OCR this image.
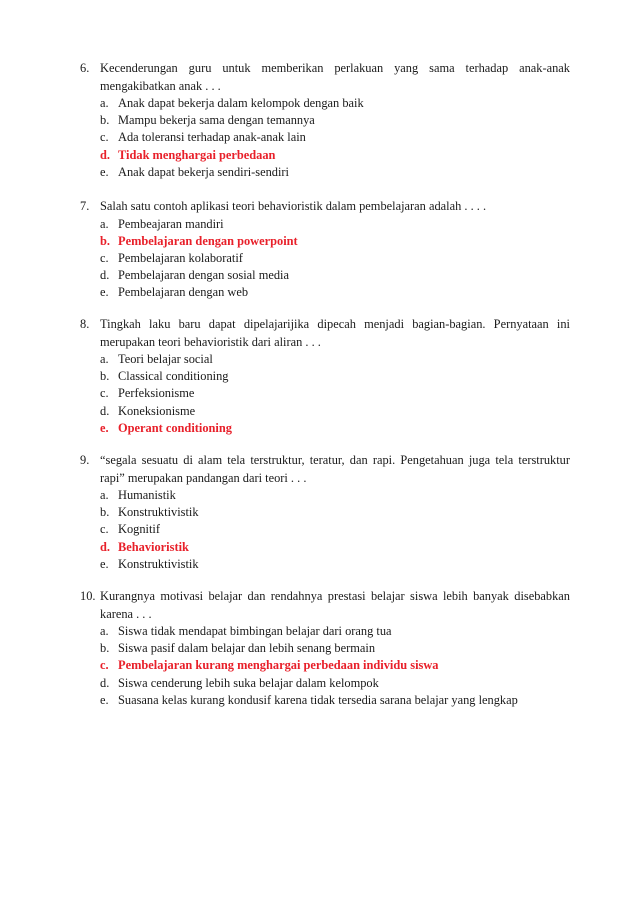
6. Kecenderungan guru untuk memberikan perlakuan yang sama terhadap anak-anak mengakibatkan anak . . .
a. Anak dapat bekerja dalam kelompok dengan baik
b. Mampu bekerja sama dengan temannya
c. Ada toleransi terhadap anak-anak lain
d. Tidak menghargai perbedaan
e. Anak dapat bekerja sendiri-sendiri
7. Salah satu contoh aplikasi teori behavioristik dalam pembelajaran adalah . . . .
a. Pembeajaran mandiri
b. Pembelajaran dengan powerpoint
c. Pembelajaran kolaboratif
d. Pembelajaran dengan sosial media
e. Pembelajaran dengan web
8. Tingkah laku baru dapat dipelajarijika dipecah menjadi bagian-bagian. Pernyataan ini merupakan teori behavioristik dari aliran . . .
a. Teori belajar social
b. Classical conditioning
c. Perfeksionisme
d. Koneksionisme
e. Operant conditioning
9. “segala sesuatu di alam tela terstruktur, teratur, dan rapi. Pengetahuan juga tela terstruktur rapi” merupakan pandangan dari teori . . .
a. Humanistik
b. Konstruktivistik
c. Kognitif
d. Behavioristik
e. Konstruktivistik
10. Kurangnya motivasi belajar dan rendahnya prestasi belajar siswa lebih banyak disebabkan karena . . .
a. Siswa tidak mendapat bimbingan belajar dari orang tua
b. Siswa pasif dalam belajar dan lebih senang bermain
c. Pembelajaran kurang menghargai perbedaan individu siswa
d. Siswa cenderung lebih suka belajar dalam kelompok
e. Suasana kelas kurang kondusif karena tidak tersedia sarana belajar yang lengkap
